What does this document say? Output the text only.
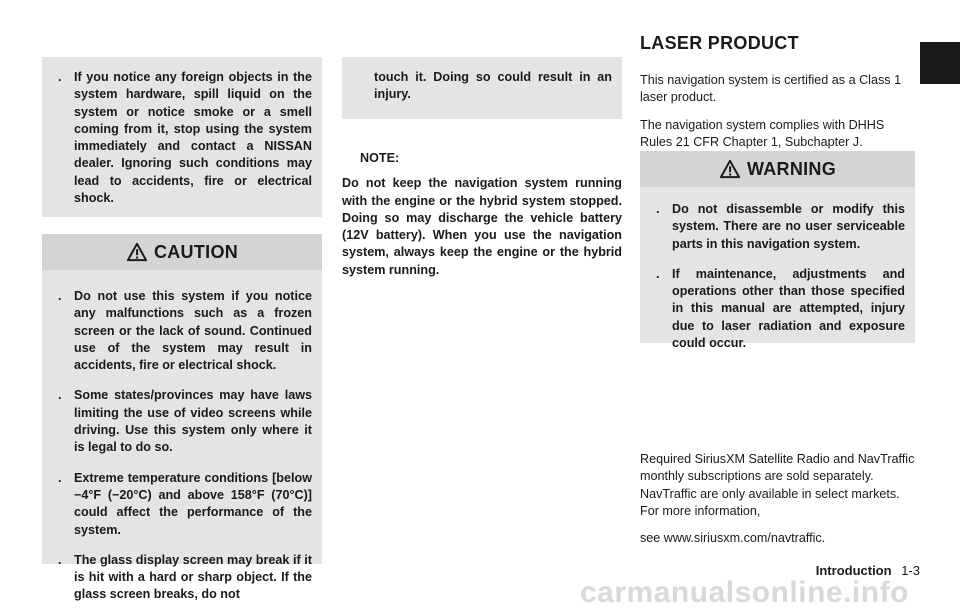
. If you notice any foreign objects in the system hardware, spill liquid on the system or notice smoke or a smell coming from it, stop using the system immediately and contact a NISSAN dealer. Ignoring such conditions may lead to accidents, fire or electrical shock.
CAUTION
. Do not use this system if you notice any malfunctions such as a frozen screen or the lack of sound. Continued use of the system may result in accidents, fire or electrical shock.
. Some states/provinces may have laws limiting the use of video screens while driving. Use this system only where it is legal to do so.
. Extreme temperature conditions [below −4°F (−20°C) and above 158°F (70°C)] could affect the performance of the system.
. The glass display screen may break if it is hit with a hard or sharp object. If the glass screen breaks, do not

touch it. Doing so could result in an injury.

NOTE:

Do not keep the navigation system running with the engine or the hybrid system stopped. Doing so may discharge the vehicle battery (12V battery). When you use the navigation system, always keep the engine or the hybrid system running.

LASER PRODUCT

This navigation system is certified as a Class 1 laser product.

The navigation system complies with DHHS Rules 21 CFR Chapter 1, Subchapter J.

WARNING
. Do not disassemble or modify this system. There are no user serviceable parts in this navigation system.
. If maintenance, adjustments and operations other than those specified in this manual are attempted, injury due to laser radiation and exposure could occur.

Required SiriusXM Satellite Radio and NavTraffic monthly subscriptions are sold separately. NavTraffic are only available in select markets. For more information,

see www.siriusxm.com/navtraffic.

Introduction 1-3
carmanualsonline.info
